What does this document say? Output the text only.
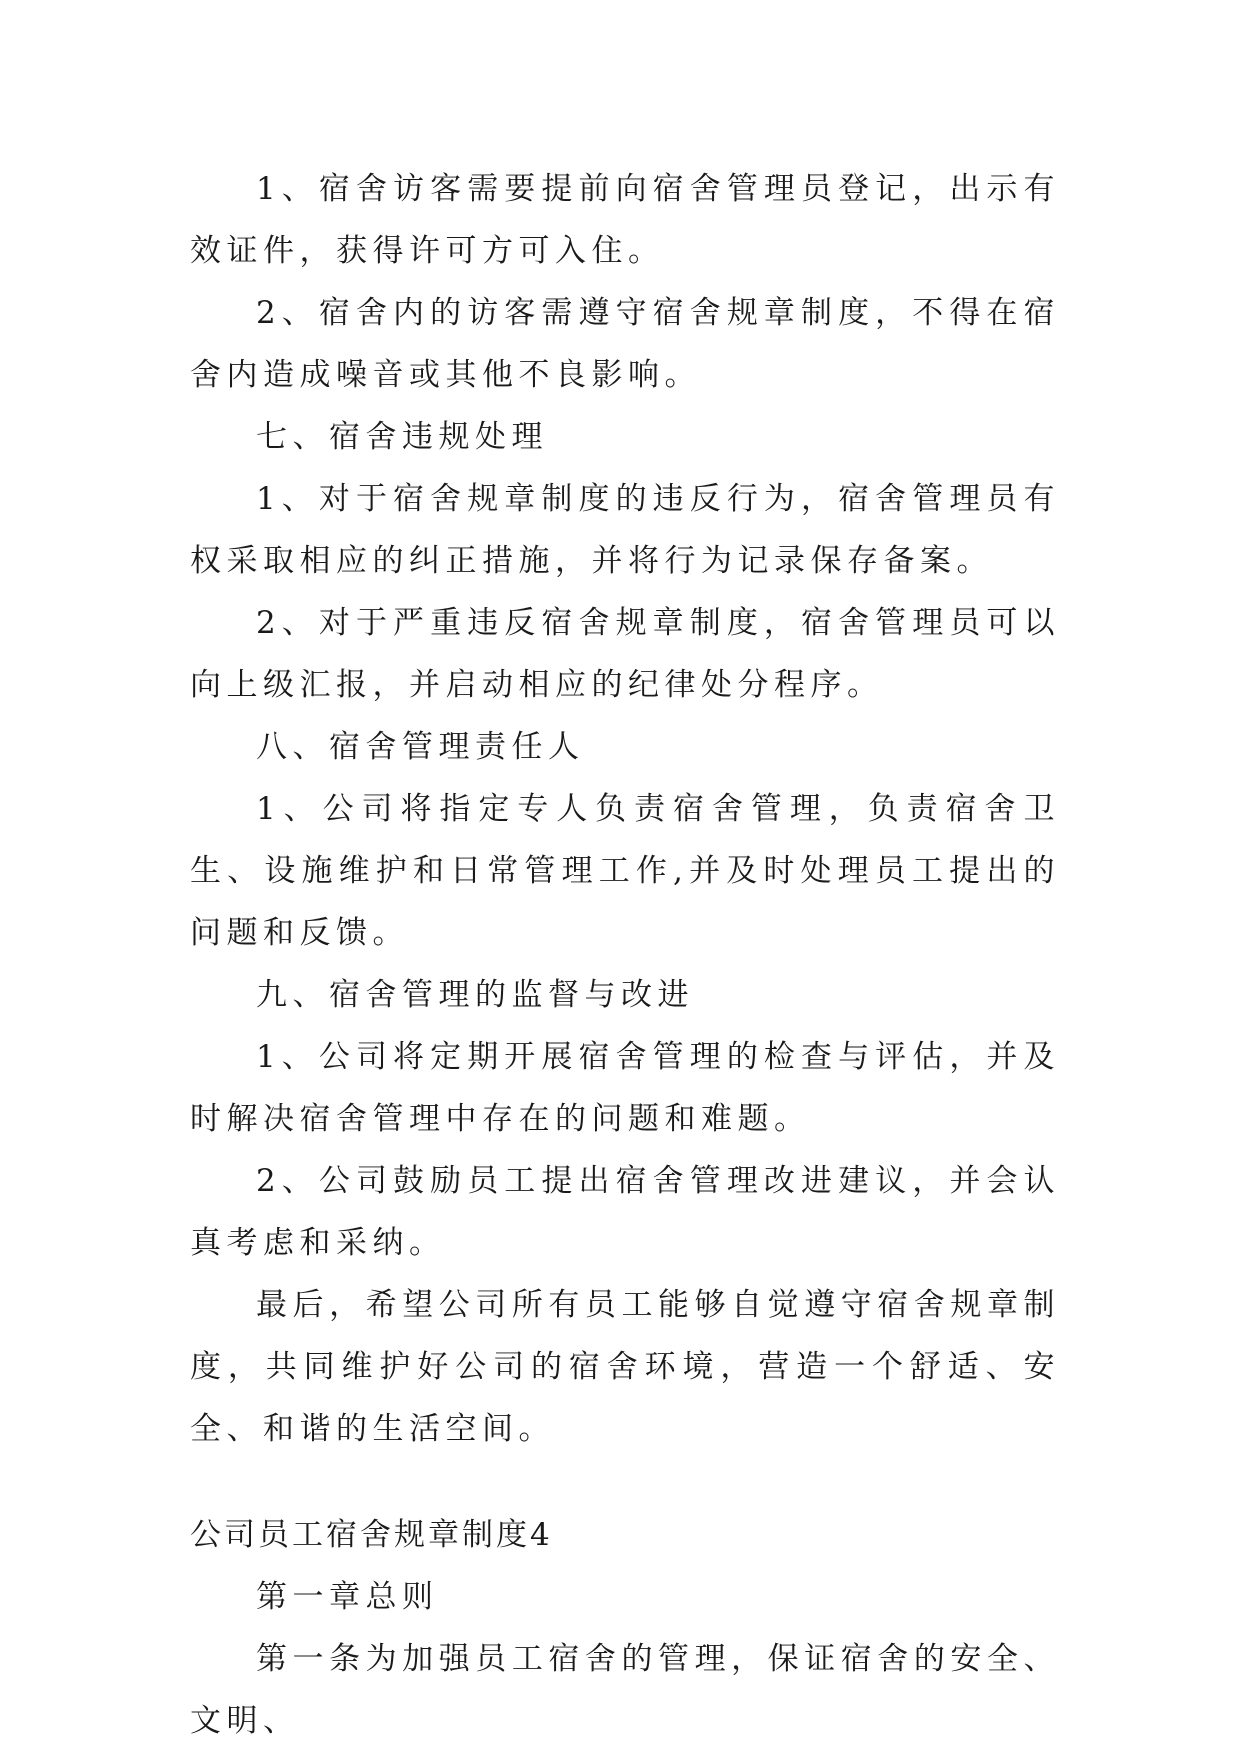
1、宿舍访客需要提前向宿舍管理员登记，出示有效证件，获得许可方可入住。

2、宿舍内的访客需遵守宿舍规章制度，不得在宿舍内造成噪音或其他不良影响。

七、宿舍违规处理

1、对于宿舍规章制度的违反行为，宿舍管理员有权采取相应的纠正措施，并将行为记录保存备案。

2、对于严重违反宿舍规章制度，宿舍管理员可以向上级汇报，并启动相应的纪律处分程序。

八、宿舍管理责任人

1、公司将指定专人负责宿舍管理，负责宿舍卫生、设施维护和日常管理工作,并及时处理员工提出的问题和反馈。

九、宿舍管理的监督与改进

1、公司将定期开展宿舍管理的检查与评估，并及时解决宿舍管理中存在的问题和难题。

2、公司鼓励员工提出宿舍管理改进建议，并会认真考虑和采纳。

最后，希望公司所有员工能够自觉遵守宿舍规章制度，共同维护好公司的宿舍环境，营造一个舒适、安全、和谐的生活空间。

公司员工宿舍规章制度4

第一章总则

第一条为加强员工宿舍的管理，保证宿舍的安全、文明、
